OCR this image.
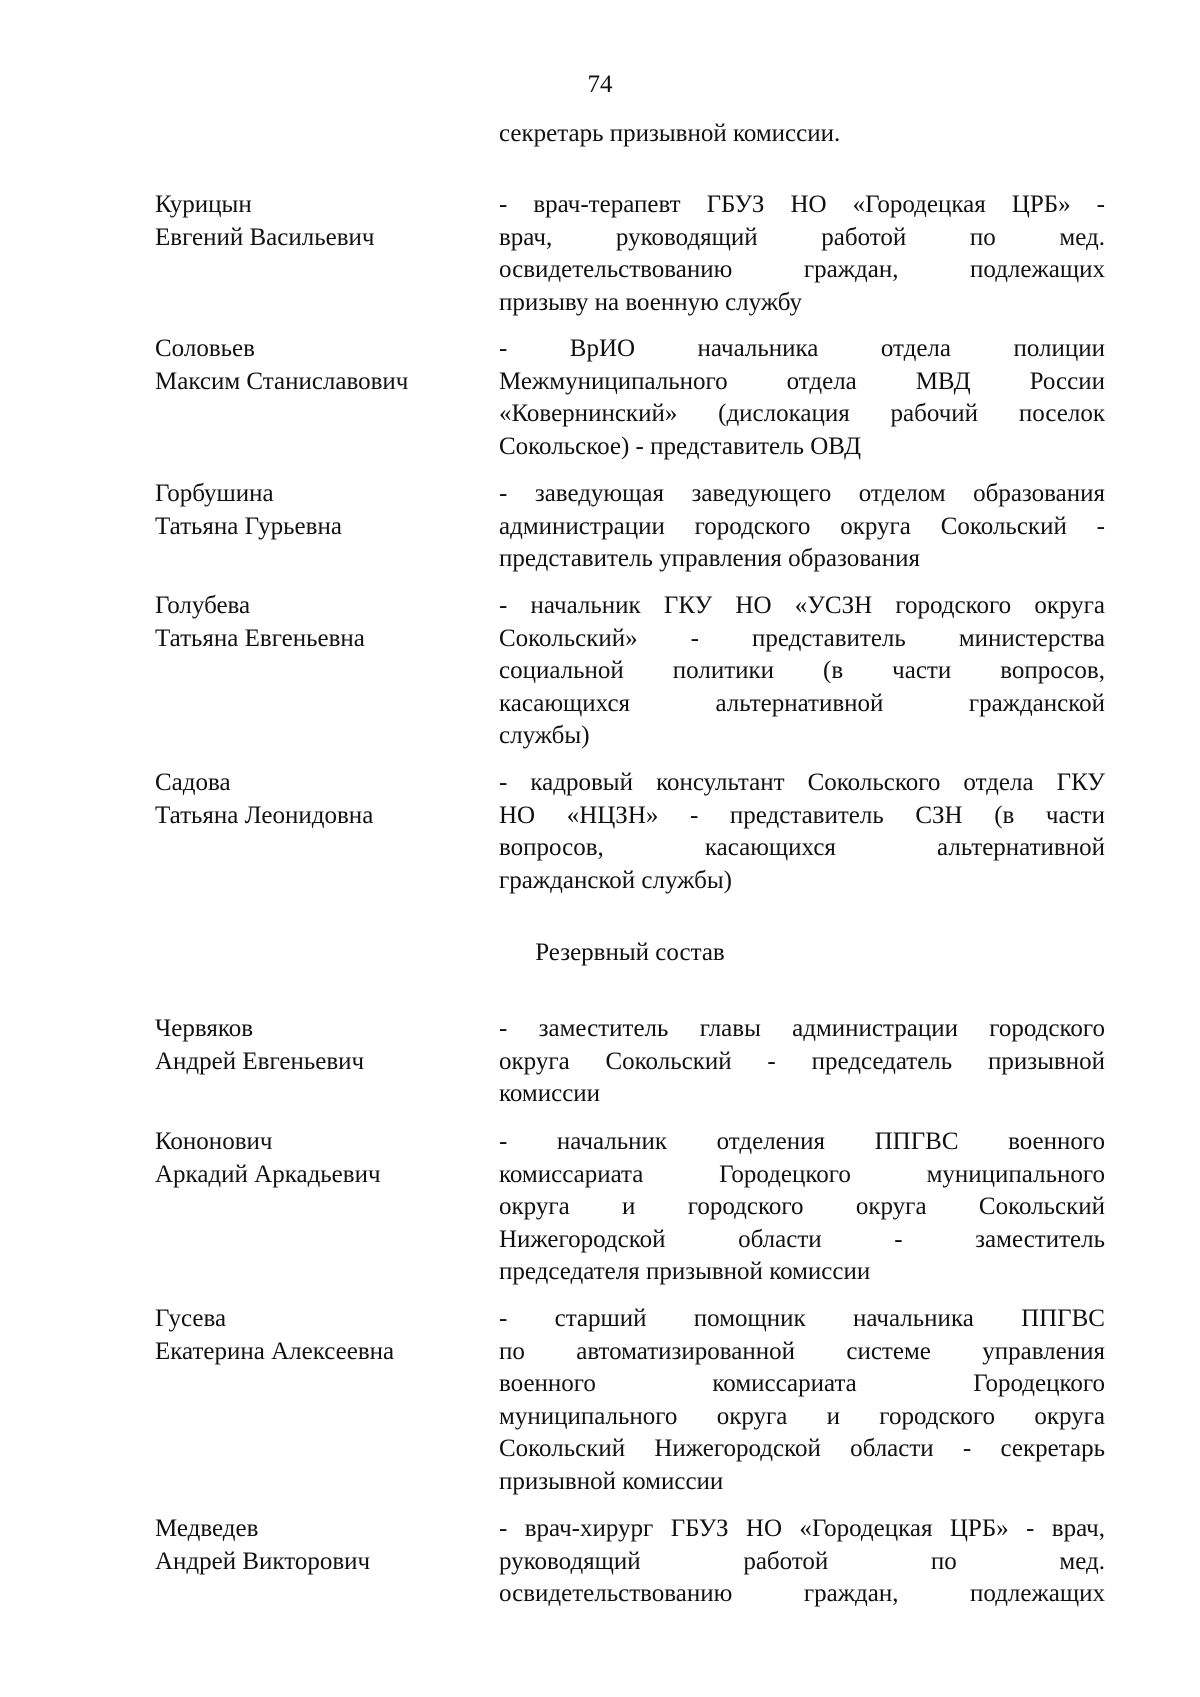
74
секретарь призывной комиссии.
Курицын
Евгений Васильевич
- врач-терапевт ГБУЗ НО «Городецкая ЦРБ» -
врач, руководящий работой по мед.
освидетельствованию граждан, подлежащих
призыву на военную службу
Соловьев
Максим Станиславович
- ВрИО начальника отдела полиции
Межмуниципального отдела МВД России
«Ковернинский» (дислокация рабочий поселок
Сокольское) - представитель ОВД
Горбушина
Татьяна Гурьевна
- заведующая заведующего отделом образования
администрации городского округа Сокольский -
представитель управления образования
Голубева
Татьяна Евгеньевна
- начальник ГКУ НО «УСЗН городского округа
Сокольский» - представитель министерства
социальной политики (в части вопросов,
касающихся альтернативной гражданской
службы)
Садова
Татьяна Леонидовна
- кадровый консультант Сокольского отдела ГКУ
НО «НЦЗН» - представитель СЗН (в части
вопросов, касающихся альтернативной
гражданской службы)
Резервный состав
Червяков
Андрей Евгеньевич
- заместитель главы администрации городского
округа Сокольский - председатель призывной
комиссии
Кононович
Аркадий Аркадьевич
- начальник отделения ППГВС военного
комиссариата Городецкого муниципального
округа и городского округа Сокольский
Нижегородской области - заместитель
председателя призывной комиссии
Гусева
Екатерина Алексеевна
- старший помощник начальника ППГВС
по автоматизированной системе управления
военного комиссариата Городецкого
муниципального округа и городского округа
Сокольский Нижегородской области - секретарь
призывной комиссии
Медведев
Андрей Викторович
- врач-хирург ГБУЗ НО «Городецкая ЦРБ» - врач,
руководящий работой по мед.
освидетельствованию граждан, подлежащих
